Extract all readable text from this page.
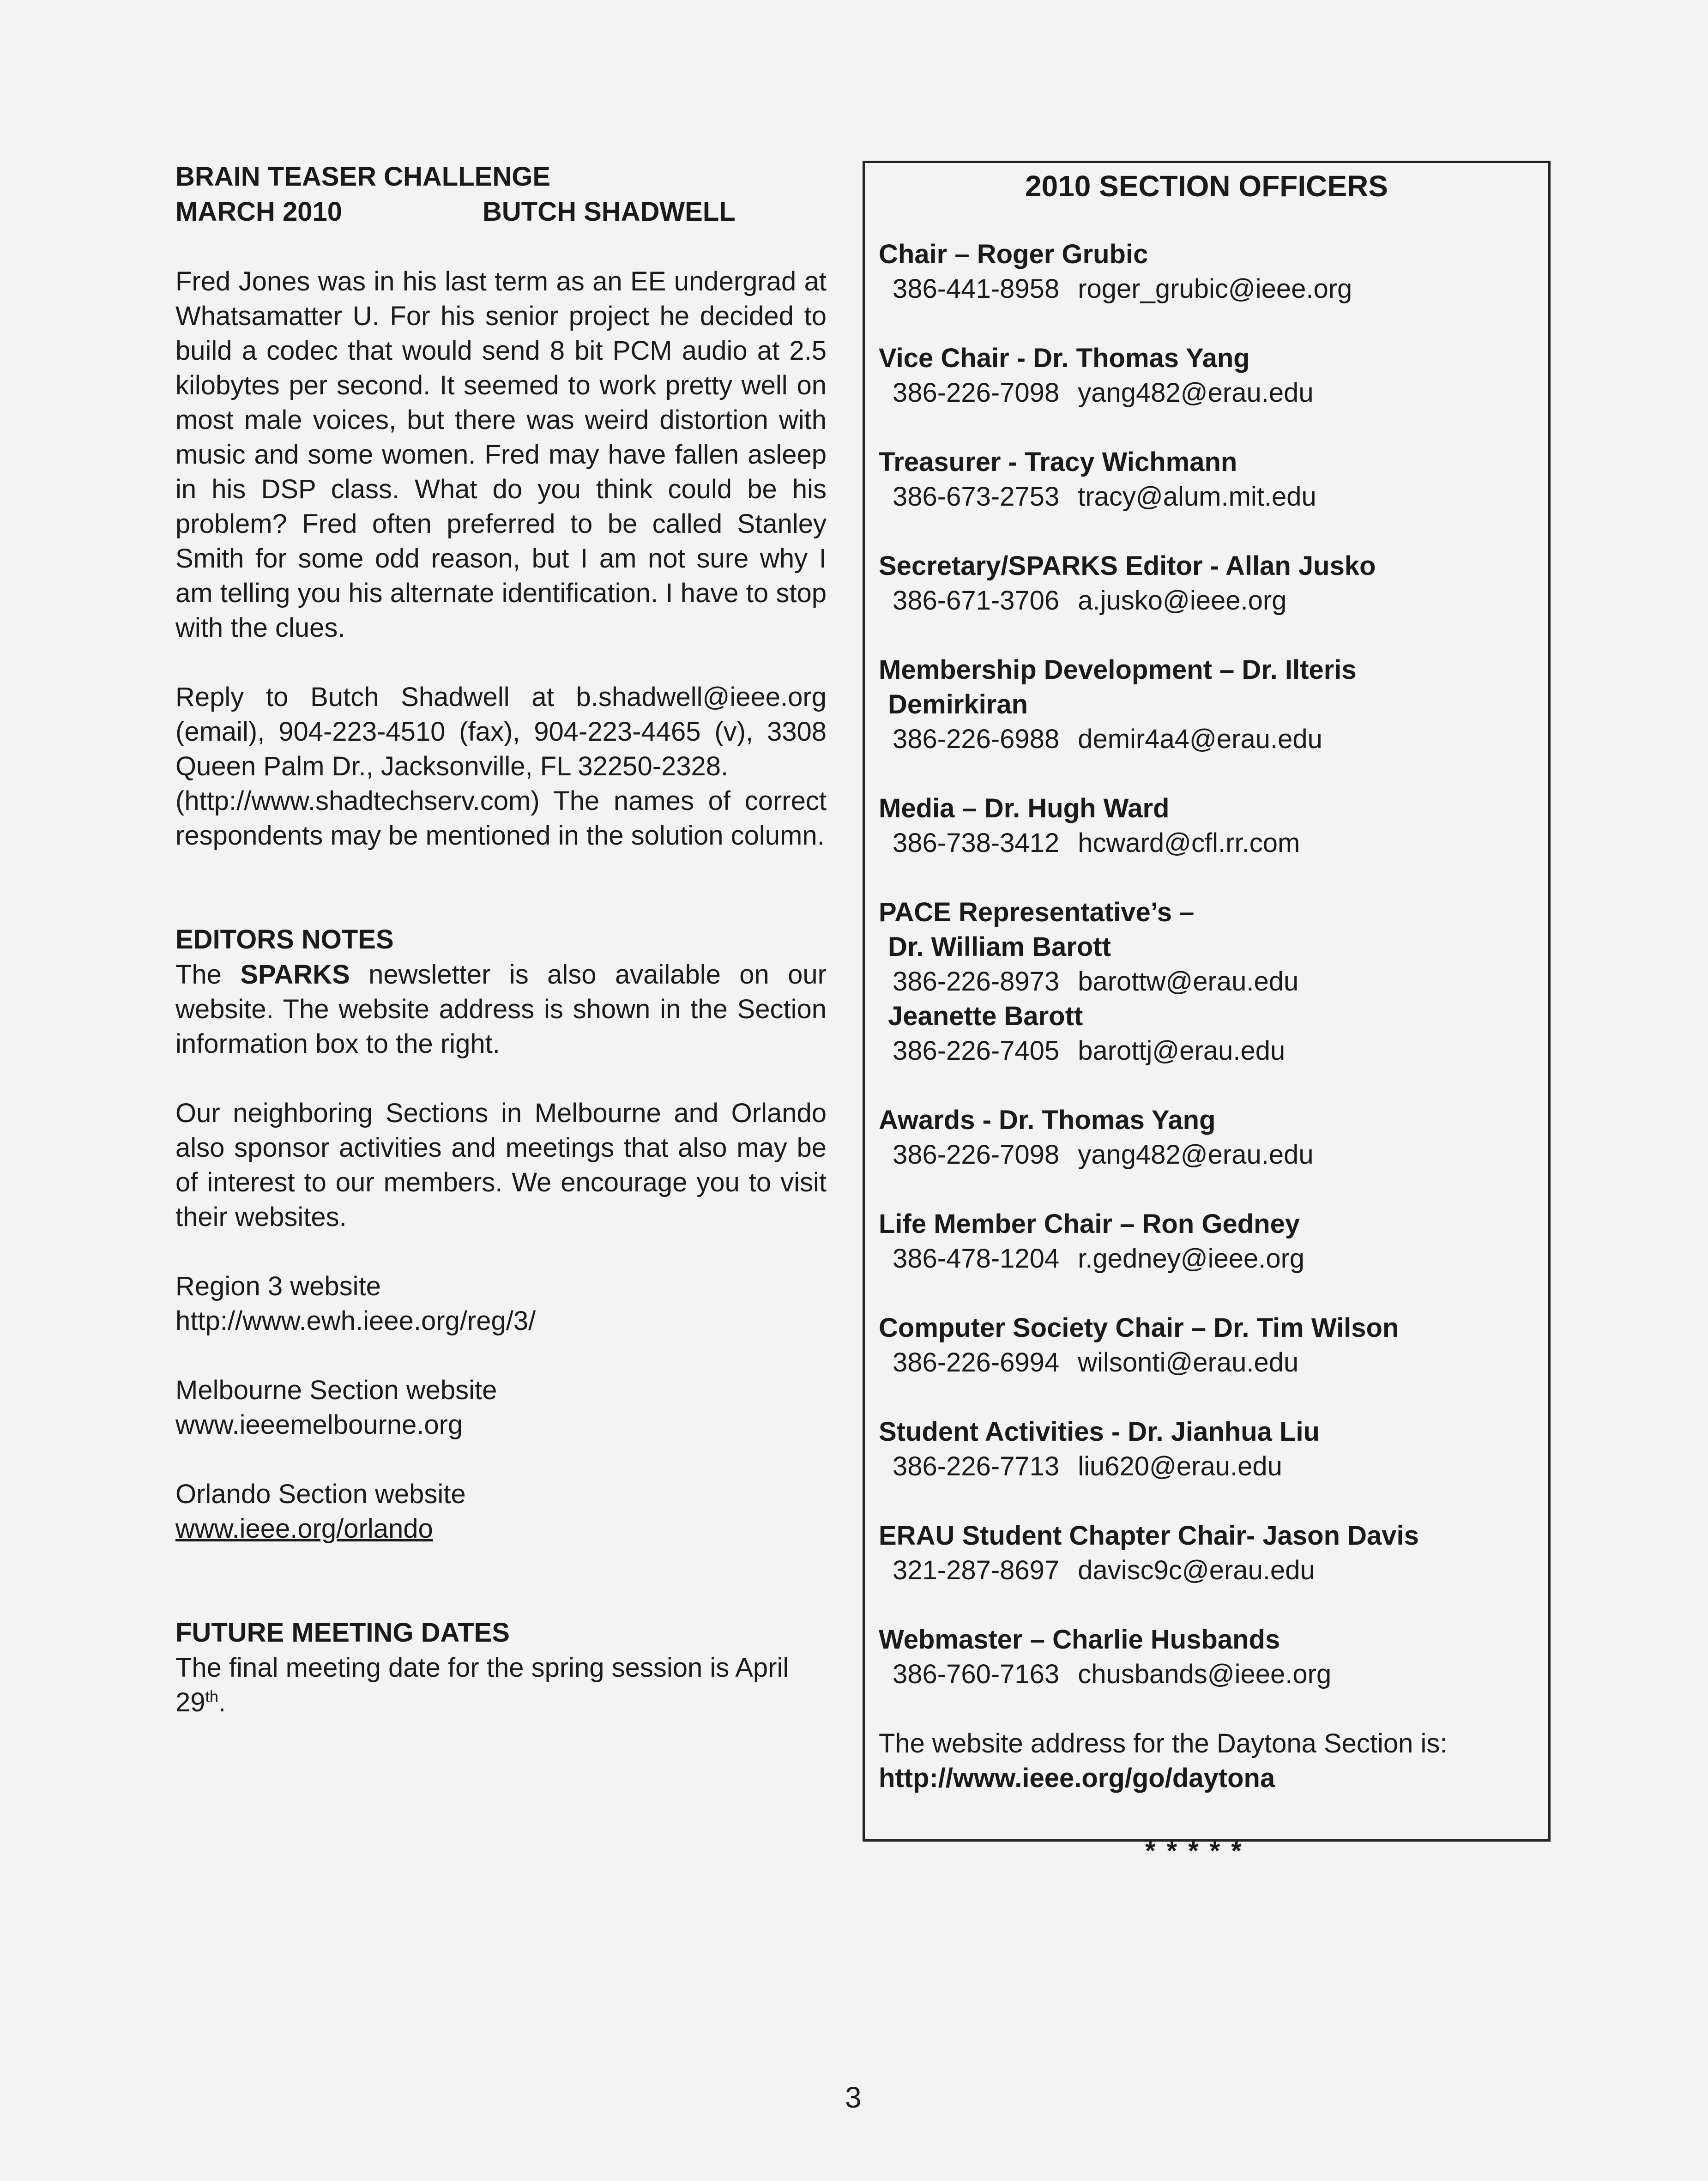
BRAIN TEASER CHALLENGE

MARCH 2010	BUTCH SHADWELL

Fred Jones was in his last term as an EE undergrad at Whatsamatter U. For his senior project he decided to build a codec that would send 8 bit PCM audio at 2.5 kilobytes per second. It seemed to work pretty well on most male voices, but there was weird distortion with music and some women. Fred may have fallen asleep in his DSP class. What do you think could be his problem? Fred often preferred to be called Stanley Smith for some odd reason, but I am not sure why I am telling you his alternate identification. I have to stop with the clues.

Reply to Butch Shadwell at b.shadwell@ieee.org (email), 904-223-4510 (fax), 904-223-4465 (v), 3308 Queen Palm Dr., Jacksonville, FL 32250-2328.

(http://www.shadtechserv.com) The names of correct respondents may be mentioned in the solution column.

EDITORS NOTES

The SPARKS newsletter is also available on our website. The website address is shown in the Section information box to the right.

Our neighboring Sections in Melbourne and Orlando also sponsor activities and meetings that also may be of interest to our members. We encourage you to visit their websites.

Region 3 website

http://www.ewh.ieee.org/reg/3/

Melbourne Section website

www.ieeemelbourne.org

Orlando Section website

www.ieee.org/orlando

FUTURE MEETING DATES

The final meeting date for the spring session is April 29th.

2010 SECTION OFFICERS
Chair – Roger Grubic
386-441-8958 roger_grubic@ieee.org
Vice Chair - Dr. Thomas Yang
386-226-7098 yang482@erau.edu
Treasurer - Tracy Wichmann
386-673-2753 tracy@alum.mit.edu
Secretary/SPARKS Editor - Allan Jusko
386-671-3706 a.jusko@ieee.org
Membership Development – Dr. Ilteris
Demirkiran
386-226-6988 demir4a4@erau.edu
Media – Dr. Hugh Ward
386-738-3412 hcward@cfl.rr.com
PACE Representative’s –
Dr. William Barott
386-226-8973 barottw@erau.edu
Jeanette Barott
386-226-7405 barottj@erau.edu
Awards - Dr. Thomas Yang
386-226-7098 yang482@erau.edu
Life Member Chair – Ron Gedney
386-478-1204 r.gedney@ieee.org
Computer Society Chair – Dr. Tim Wilson
386-226-6994 wilsonti@erau.edu
Student Activities - Dr. Jianhua Liu
386-226-7713 liu620@erau.edu
ERAU Student Chapter Chair- Jason Davis
321-287-8697 davisc9c@erau.edu
Webmaster – Charlie Husbands
386-760-7163 chusbands@ieee.org
The website address for the Daytona Section is:
http://www.ieee.org/go/daytona
*****
3
